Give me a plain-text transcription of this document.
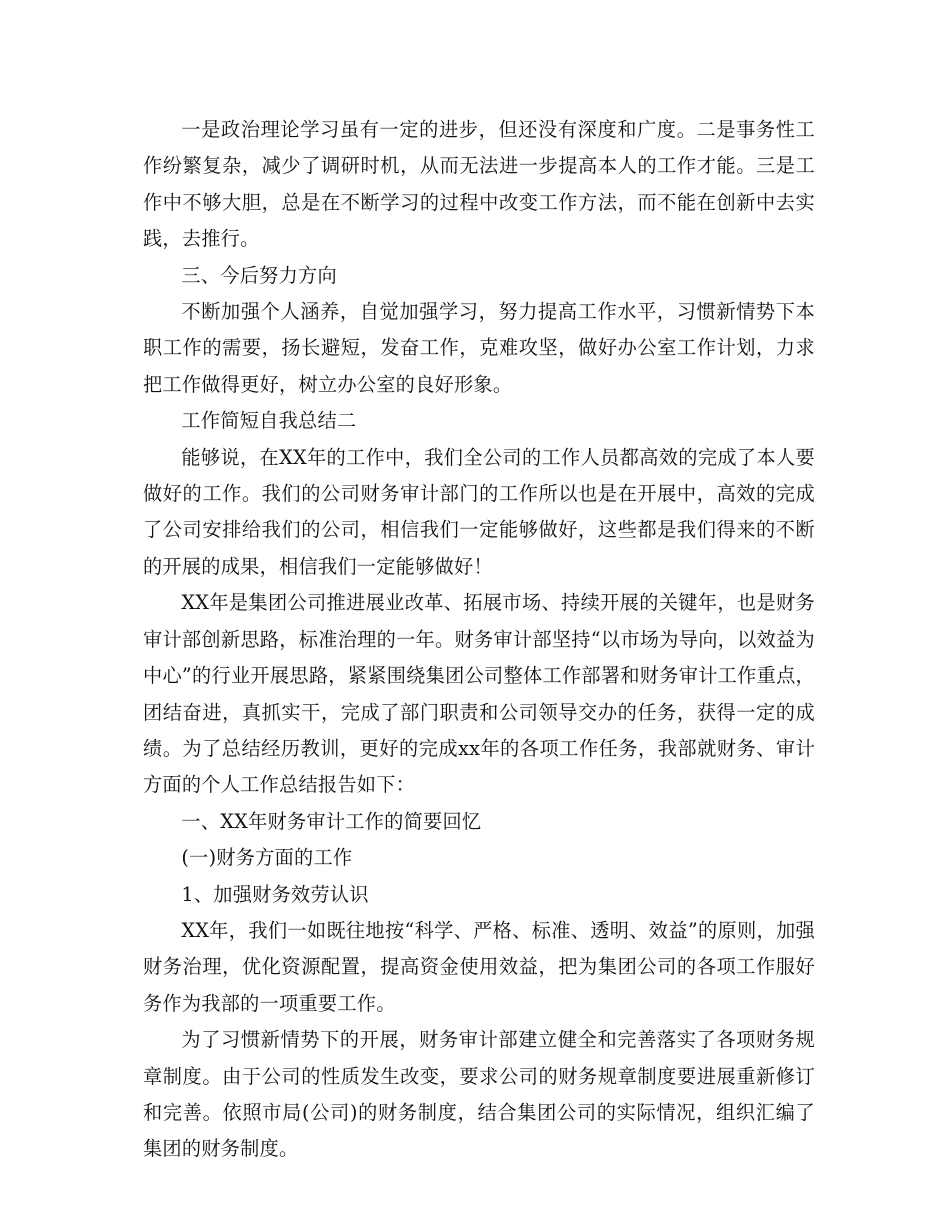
一是政治理论学习虽有一定的进步，但还没有深度和广度。二是事务性工作纷繁复杂，减少了调研时机，从而无法进一步提高本人的工作才能。三是工作中不够大胆，总是在不断学习的过程中改变工作方法，而不能在创新中去实践，去推行。

三、今后努力方向

不断加强个人涵养，自觉加强学习，努力提高工作水平，习惯新情势下本职工作的需要，扬长避短，发奋工作，克难攻坚，做好办公室工作计划，力求把工作做得更好，树立办公室的良好形象。

工作简短自我总结二

能够说，在XX年的工作中，我们全公司的工作人员都高效的完成了本人要做好的工作。我们的公司财务审计部门的工作所以也是在开展中，高效的完成了公司安排给我们的公司，相信我们一定能够做好，这些都是我们得来的不断的开展的成果，相信我们一定能够做好！

XX年是集团公司推进展业改革、拓展市场、持续开展的关键年，也是财务审计部创新思路，标准治理的一年。财务审计部坚持“以市场为导向，以效益为中心”的行业开展思路，紧紧围绕集团公司整体工作部署和财务审计工作重点，团结奋进，真抓实干，完成了部门职责和公司领导交办的任务，获得一定的成绩。为了总结经历教训，更好的完成xx年的各项工作任务，我部就财务、审计方面的个人工作总结报告如下：

一、XX年财务审计工作的简要回忆

(一)财务方面的工作

1、加强财务效劳认识

XX年，我们一如既往地按“科学、严格、标准、透明、效益”的原则，加强财务治理，优化资源配置，提高资金使用效益，把为集团公司的各项工作服好务作为我部的一项重要工作。

为了习惯新情势下的开展，财务审计部建立健全和完善落实了各项财务规章制度。由于公司的性质发生改变，要求公司的财务规章制度要进展重新修订和完善。依照市局(公司)的财务制度，结合集团公司的实际情况，组织汇编了集团的财务制度。
